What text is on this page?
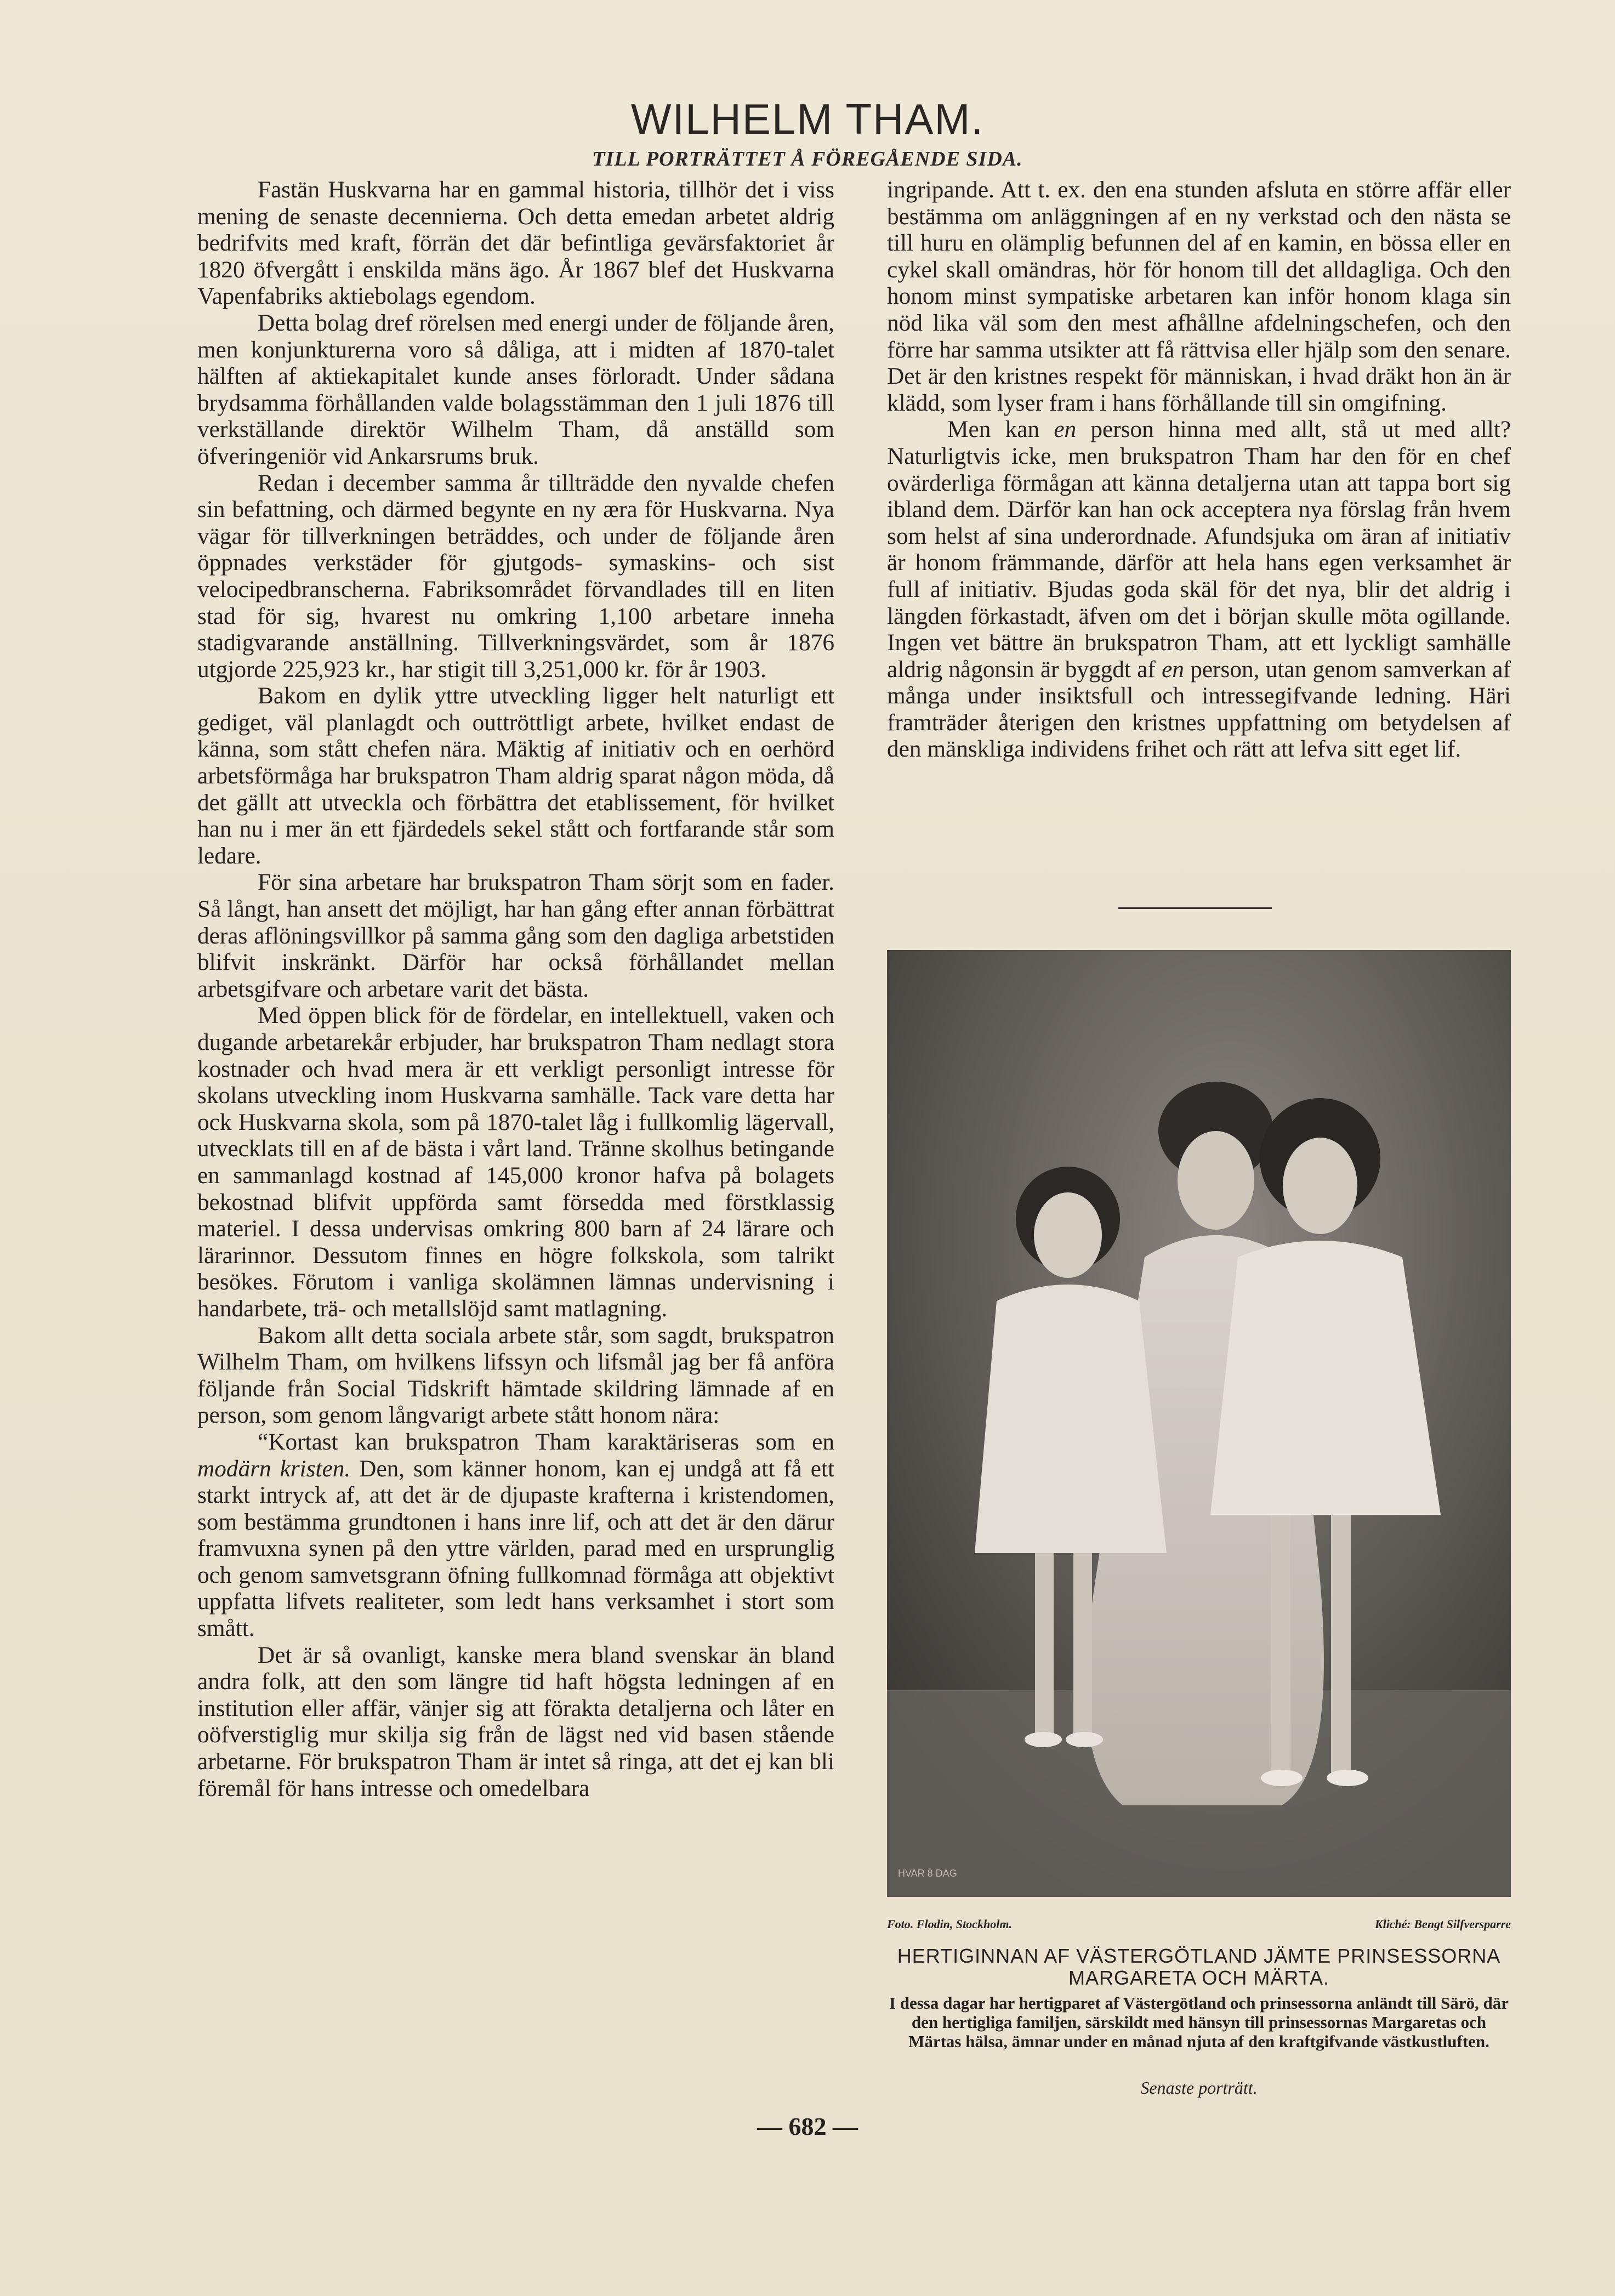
WILHELM THAM.
TILL PORTRÄTTET Å FÖREGÅENDE SIDA.

Fastän Huskvarna har en gammal historia, tillhör det i viss mening de senaste decennierna. Och detta emedan arbetet aldrig bedrifvits med kraft, förrän det där befintliga gevärsfaktoriet år 1820 öfvergått i enskilda mäns ägo. År 1867 blef det Huskvarna Vapenfabriks aktiebolags egendom.

Detta bolag dref rörelsen med energi under de följande åren, men konjunkturerna voro så dåliga, att i midten af 1870-talet hälften af aktiekapitalet kunde anses förloradt. Under sådana brydsamma förhållanden valde bolagsstämman den 1 juli 1876 till verkställande direktör Wilhelm Tham, då anställd som öfveringeniör vid Ankarsrums bruk.

Redan i december samma år tillträdde den nyvalde chefen sin befattning, och därmed begynte en ny æra för Huskvarna. Nya vägar för tillverkningen beträddes, och under de följande åren öppnades verkstäder för gjutgods- symaskins- och sist velocipedbranscherna. Fabriksområdet förvandlades till en liten stad för sig, hvarest nu omkring 1,100 arbetare inneha stadigvarande anställning. Tillverkningsvärdet, som år 1876 utgjorde 225,923 kr., har stigit till 3,251,000 kr. för år 1903.

Bakom en dylik yttre utveckling ligger helt naturligt ett gediget, väl planlagdt och outtröttligt arbete, hvilket endast de känna, som stått chefen nära. Mäktig af initiativ och en oerhörd arbetsförmåga har brukspatron Tham aldrig sparat någon möda, då det gällt att utveckla och förbättra det etablissement, för hvilket han nu i mer än ett fjärdedels sekel stått och fortfarande står som ledare.

För sina arbetare har brukspatron Tham sörjt som en fader. Så långt, han ansett det möjligt, har han gång efter annan förbättrat deras aflöningsvillkor på samma gång som den dagliga arbetstiden blifvit inskränkt. Därför har också förhållandet mellan arbetsgifvare och arbetare varit det bästa.

Med öppen blick för de fördelar, en intellektuell, vaken och dugande arbetarekår erbjuder, har brukspatron Tham nedlagt stora kostnader och hvad mera är ett verkligt personligt intresse för skolans utveckling inom Huskvarna samhälle. Tack vare detta har ock Huskvarna skola, som på 1870-talet låg i fullkomlig lägervall, utvecklats till en af de bästa i vårt land. Tränne skolhus betingande en sammanlagd kostnad af 145,000 kronor hafva på bolagets bekostnad blifvit uppförda samt försedda med förstklassig materiel. I dessa undervisas omkring 800 barn af 24 lärare och lärarinnor. Dessutom finnes en högre folkskola, som talrikt besökes. Förutom i vanliga skolämnen lämnas undervisning i handarbete, trä- och metallslöjd samt matlagning.

Bakom allt detta sociala arbete står, som sagdt, brukspatron Wilhelm Tham, om hvilkens lifssyn och lifsmål jag ber få anföra följande från Social Tidskrift hämtade skildring lämnade af en person, som genom långvarigt arbete stått honom nära:

“Kortast kan brukspatron Tham karaktäriseras som en modärn kristen. Den, som känner honom, kan ej undgå att få ett starkt intryck af, att det är de djupaste krafterna i kristendomen, som bestämma grundtonen i hans inre lif, och att det är den därur framvuxna synen på den yttre världen, parad med en ursprunglig och genom samvetsgrann öfning fullkomnad förmåga att objektivt uppfatta lifvets realiteter, som ledt hans verksamhet i stort som smått.

Det är så ovanligt, kanske mera bland svenskar än bland andra folk, att den som längre tid haft högsta ledningen af en institution eller affär, vänjer sig att förakta detaljerna och låter en oöfverstiglig mur skilja sig från de lägst ned vid basen stående arbetarne. För brukspatron Tham är intet så ringa, att det ej kan bli föremål för hans intresse och omedelbara

ingripande. Att t. ex. den ena stunden afsluta en större affär eller bestämma om anläggningen af en ny verkstad och den nästa se till huru en olämplig befunnen del af en kamin, en bössa eller en cykel skall omändras, hör för honom till det alldagliga. Och den honom minst sympatiske arbetaren kan inför honom klaga sin nöd lika väl som den mest afhållne afdelningschefen, och den förre har samma utsikter att få rättvisa eller hjälp som den senare. Det är den kristnes respekt för människan, i hvad dräkt hon än är klädd, som lyser fram i hans förhållande till sin omgifning.

Men kan en person hinna med allt, stå ut med allt? Naturligtvis icke, men brukspatron Tham har den för en chef ovärderliga förmågan att känna detaljerna utan att tappa bort sig ibland dem. Därför kan han ock acceptera nya förslag från hvem som helst af sina underordnade. Afundsjuka om äran af initiativ är honom främmande, därför att hela hans egen verksamhet är full af initiativ. Bjudas goda skäl för det nya, blir det aldrig i längden förkastadt, äfven om det i början skulle möta ogillande. Ingen vet bättre än brukspatron Tham, att ett lyckligt samhälle aldrig någonsin är byggdt af en person, utan genom samverkan af många under insiktsfull och intressegifvande ledning. Häri framträder återigen den kristnes uppfattning om betydelsen af den mänskliga individens frihet och rätt att lefva sitt eget lif.

HVAR 8 DAG
Foto. Flodin, Stockholm.	Kliché: Bengt Silfversparre
HERTIGINNAN AF VÄSTERGÖTLAND JÄMTE PRINSESSORNA MARGARETA OCH MÄRTA.
I dessa dagar har hertigparet af Västergötland och prinsessorna anländt till Särö, där den hertigliga familjen, särskildt med hänsyn till prinsessornas Margaretas och Märtas hälsa, ämnar under en månad njuta af den kraftgifvande västkustluften.
Senaste porträtt.
— 682 —
